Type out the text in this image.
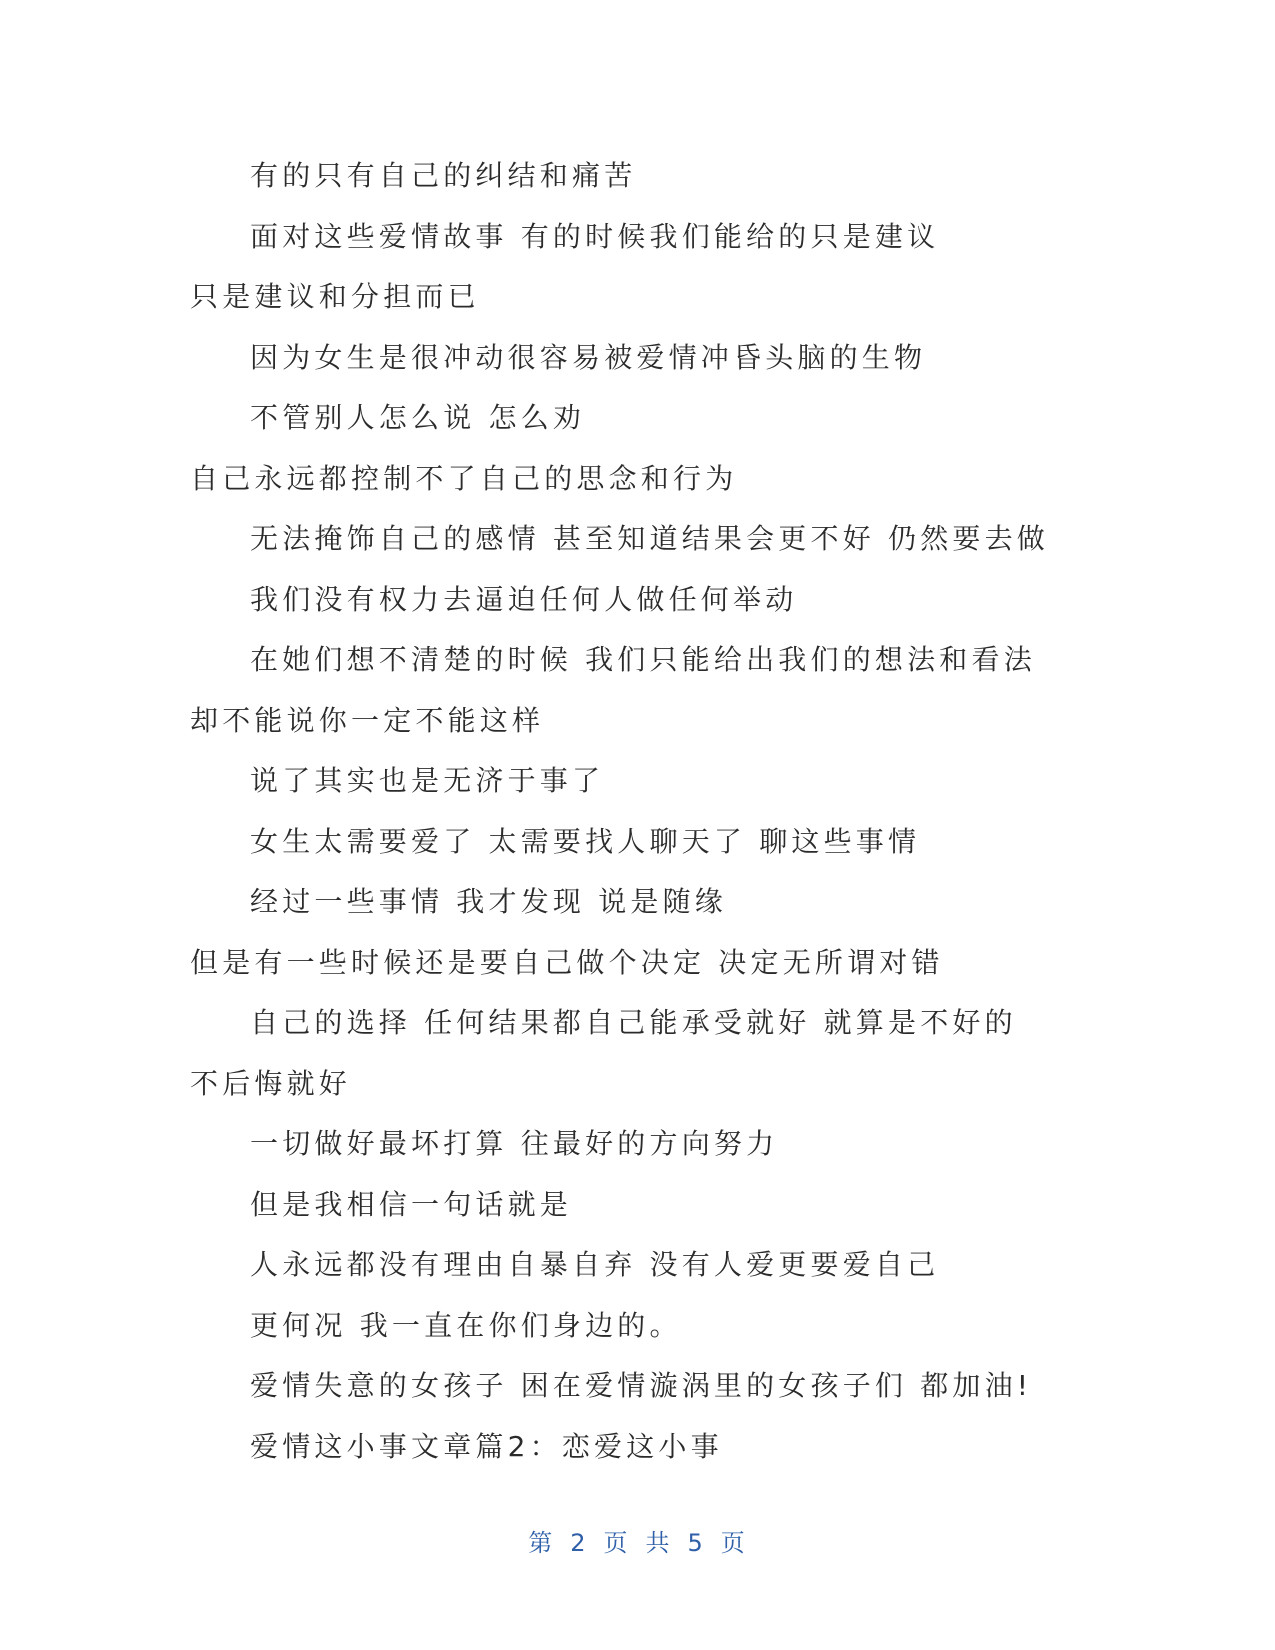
有的只有自己的纠结和痛苦
面对这些爱情故事 有的时候我们能给的只是建议
只是建议和分担而已
因为女生是很冲动很容易被爱情冲昏头脑的生物
不管别人怎么说 怎么劝
自己永远都控制不了自己的思念和行为
无法掩饰自己的感情 甚至知道结果会更不好 仍然要去做
我们没有权力去逼迫任何人做任何举动
在她们想不清楚的时候 我们只能给出我们的想法和看法
却不能说你一定不能这样
说了其实也是无济于事了
女生太需要爱了 太需要找人聊天了 聊这些事情
经过一些事情 我才发现 说是随缘
但是有一些时候还是要自己做个决定 决定无所谓对错
自己的选择 任何结果都自己能承受就好 就算是不好的
不后悔就好
一切做好最坏打算 往最好的方向努力
但是我相信一句话就是
人永远都没有理由自暴自弃 没有人爱更要爱自己
更何况 我一直在你们身边的。
爱情失意的女孩子 困在爱情漩涡里的女孩子们 都加油!
爱情这小事文章篇2：恋爱这小事
第 2 页 共 5 页
